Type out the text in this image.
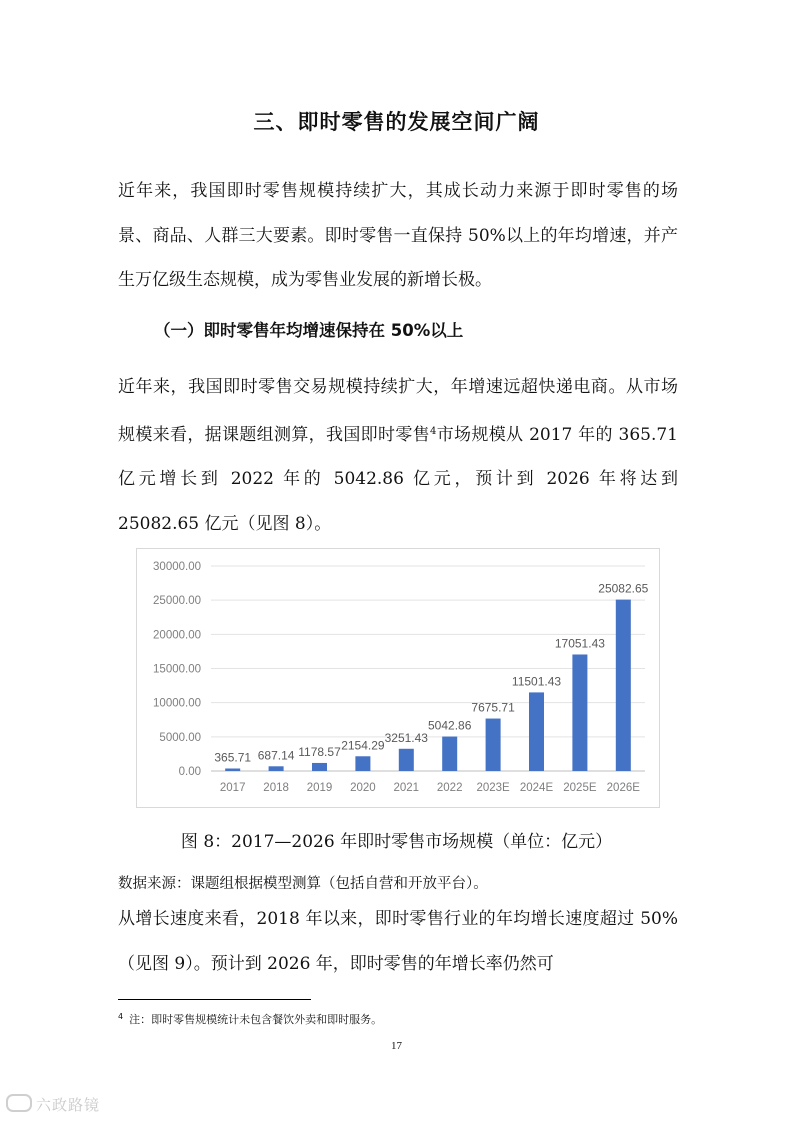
三、即时零售的发展空间广阔
近年来，我国即时零售规模持续扩大，其成长动力来源于即时零售的场景、商品、人群三大要素。即时零售一直保持 50%以上的年均增速，并产生万亿级生态规模，成为零售业发展的新增长极。
（一）即时零售年均增速保持在 50%以上
近年来，我国即时零售交易规模持续扩大，年增速远超快递电商。从市场规模来看，据课题组测算，我国即时零售$^4$市场规模从 2017 年的 365.71 亿元增长到 2022 年的 5042.86 亿元，预计到 2026 年将达到 25082.65 亿元（见图 8）。
0.00
5000.00
10000.00
15000.00
20000.00
25000.00
30000.00
365.71
2017
687.14
2018
1178.57
2019
2154.29
2020
3251.43
2021
5042.86
2022
7675.71
2023E
11501.43
2024E
17051.43
2025E
25082.65
2026E
图 8：2017—2026 年即时零售市场规模（单位：亿元）
数据来源：课题组根据模型测算（包括自营和开放平台）。
从增长速度来看，2018 年以来，即时零售行业的年均增长速度超过 50%（见图 9）。预计到 2026 年，即时零售的年增长率仍然可
$^4$ 注：即时零售规模统计未包含餐饮外卖和即时服务。
17
六政路镜
